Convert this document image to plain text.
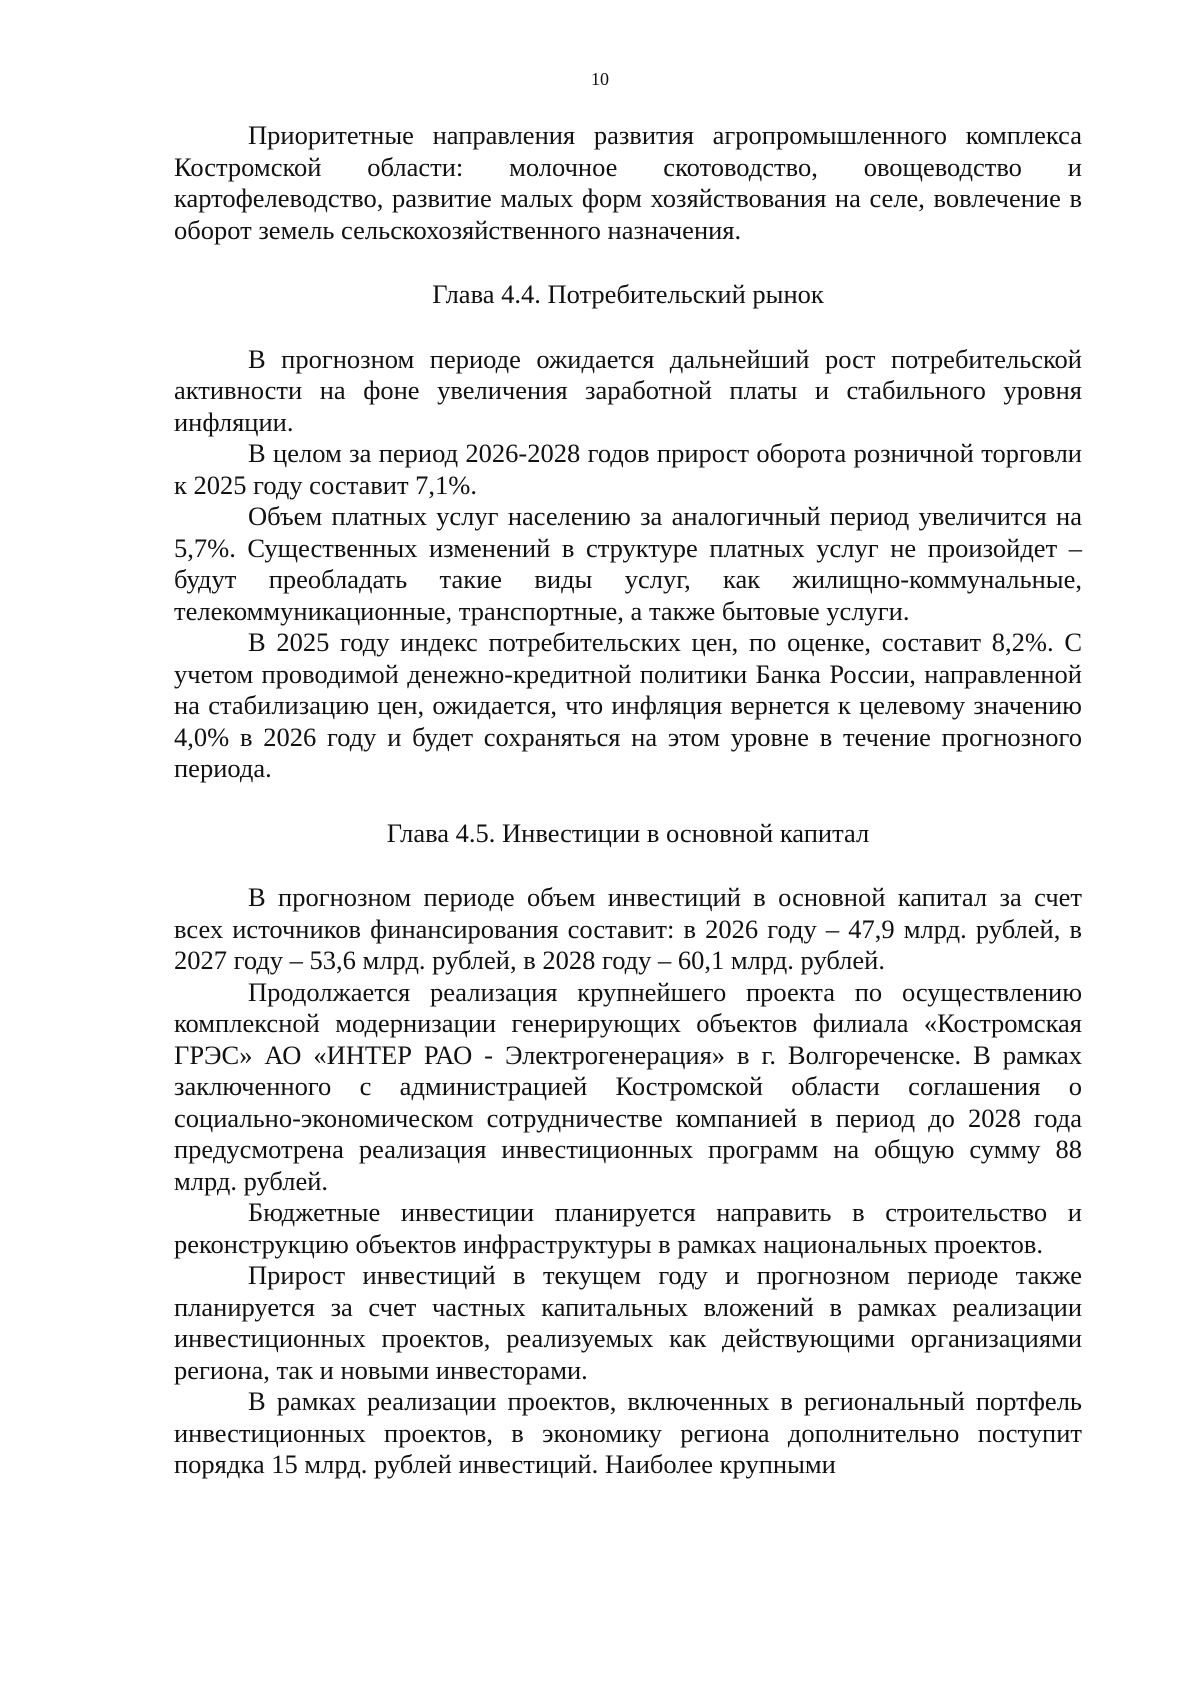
10

Приоритетные направления развития агропромышленного комплекса Костромской области: молочное скотоводство, овощеводство и картофелеводство, развитие малых форм хозяйствования на селе, вовлечение в оборот земель сельскохозяйственного назначения.

Глава 4.4. Потребительский рынок

В прогнозном периоде ожидается дальнейший рост потребительской активности на фоне увеличения заработной платы и стабильного уровня инфляции.

В целом за период 2026-2028 годов прирост оборота розничной торговли к 2025 году составит 7,1%.

Объем платных услуг населению за аналогичный период увеличится на 5,7%. Существенных изменений в структуре платных услуг не произойдет – будут преобладать такие виды услуг, как жилищно-коммунальные, телекоммуникационные, транспортные, а также бытовые услуги.

В 2025 году индекс потребительских цен, по оценке, составит 8,2%. С учетом проводимой денежно-кредитной политики Банка России, направленной на стабилизацию цен, ожидается, что инфляция вернется к целевому значению 4,0% в 2026 году и будет сохраняться на этом уровне в течение прогнозного периода.

Глава 4.5. Инвестиции в основной капитал

В прогнозном периоде объем инвестиций в основной капитал за счет всех источников финансирования составит: в 2026 году – 47,9 млрд. рублей, в 2027 году – 53,6 млрд. рублей, в 2028 году – 60,1 млрд. рублей.

Продолжается реализация крупнейшего проекта по осуществлению комплексной модернизации генерирующих объектов филиала «Костромская ГРЭС» АО «ИНТЕР РАО - Электрогенерация» в г. Волгореченске. В рамках заключенного с администрацией Костромской области соглашения о социально-экономическом сотрудничестве компанией в период до 2028 года предусмотрена реализация инвестиционных программ на общую сумму 88 млрд. рублей.

Бюджетные инвестиции планируется направить в строительство и реконструкцию объектов инфраструктуры в рамках национальных проектов.

Прирост инвестиций в текущем году и прогнозном периоде также планируется за счет частных капитальных вложений в рамках реализации инвестиционных проектов, реализуемых как действующими организациями региона, так и новыми инвесторами.

В рамках реализации проектов, включенных в региональный портфель инвестиционных проектов, в экономику региона дополнительно поступит порядка 15 млрд. рублей инвестиций. Наиболее крупными
